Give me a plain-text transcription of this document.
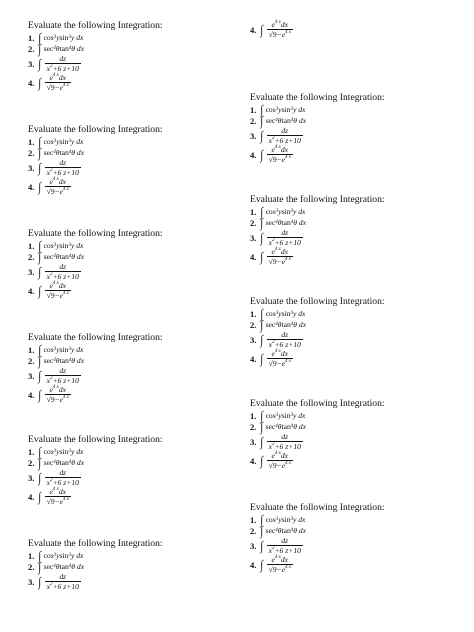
4. ∫ $e^{4 x}dx$
$√9-e^{4 x}$
Evaluate the following Integration:
1. ∫ cos 3 y sin 3 y dx
2. ∫ sec 4 θ tan 4 θ dx
3. ∫ dz
$x^2+6$ z+10
4. ∫ $e^{4 x}dx$
$√9-e^{4 x}$
Evaluate the following Integration:
1. ∫ cos 3 y sin 3 y dx
2. ∫ sec 4 θ tan 4 θ dx
3. ∫ dz
$x^2+6$ z+10
4. ∫ $e^{4 x}dx$
$√9-e^{4 x}$
Evaluate the following Integration:
1. ∫ cos 3 y sin 3 y dx
2. ∫ sec 4 θ tan 4 θ dx
3. ∫ dz
$x^2+6$ z+10
4. ∫ $e^{4 x}dx$
$√9-e^{4 x}$
Evaluate the following Integration:
1. ∫ cos 3 y sin 3 y dx
2. ∫ sec 4 θ tan 4 θ dx
3. ∫ dz
$x^2+6$ z+10
4. ∫ $e^{4 x}dx$
$√9-e^{4 x}$
Evaluate the following Integration:
1. ∫ cos 3 y sin 3 y dx
2. ∫ sec 4 θ tan 4 θ dx
3. ∫ dz
$x^2+6$ z+10
4. ∫ $e^{4 x}dx$
$√9-e^{4 x}$
Evaluate the following Integration:
1. ∫ cos 3 y sin 3 y dx
2. ∫ sec 4 θ tan 4 θ dx
3. ∫ dz
$x^2+6$ z+10
Evaluate the following Integration:
1. ∫ cos 3 y sin 3 y dx
2. ∫ sec 4 θ tan 4 θ dx
3. ∫ dz
$x^2+6$ z+10
4. ∫ $e^{4 x}dx$
$√9-e^{4 x}$
Evaluate the following Integration:
1. ∫ cos 3 y sin 3 y dx
2. ∫ sec 4 θ tan 4 θ dx
3. ∫ dz
$x^2+6$ z+10
4. ∫ $e^{4 x}dx$
$√9-e^{4 x}$
Evaluate the following Integration:
1. ∫ cos 3 y sin 3 y dx
2. ∫ sec 4 θ tan 4 θ dx
3. ∫ dz
$x^2+6$ z+10
4. ∫ $e^{4 x}dx$
$√9-e^{4 x}$
Evaluate the following Integration:
1. ∫ cos 3 y sin 3 y dx
2. ∫ sec 4 θ tan 4 θ dx
3. ∫ dz
$x^2+6$ z+10
4. ∫ $e^{4 x}dx$
$√9-e^{4 x}$
Evaluate the following Integration:
1. ∫ cos 3 y sin 3 y dx
2. ∫ sec 4 θ tan 4 θ dx
3. ∫ dz
$x^2+6$ z+10
4. ∫ $e^{4 x}dx$
$√9-e^{4 x}$
